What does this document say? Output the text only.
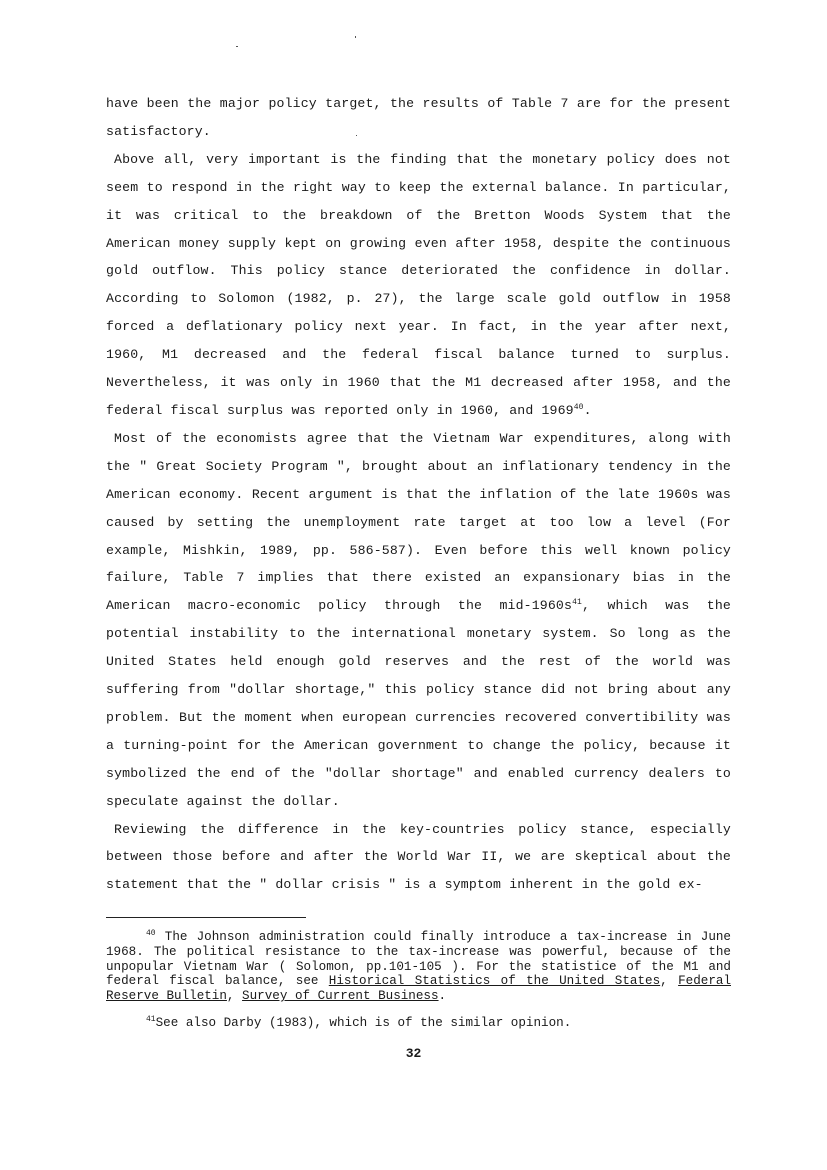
have been the major policy target, the results of Table 7 are for the present satisfactory.

Above all, very important is the finding that the monetary policy does not seem to respond in the right way to keep the external balance. In particular, it was critical to the breakdown of the Bretton Woods System that the American money supply kept on growing even after 1958, despite the continuous gold outflow. This policy stance deteriorated the confidence in dollar. According to Solomon (1982, p. 27), the large scale gold outflow in 1958 forced a deflationary policy next year. In fact, in the year after next, 1960, M1 decreased and the federal fiscal balance turned to surplus. Nevertheless, it was only in 1960 that the M1 decreased after 1958, and the federal fiscal surplus was reported only in 1960, and 1969$^{40}$.

Most of the economists agree that the Vietnam War expenditures, along with the " Great Society Program ", brought about an inflationary tendency in the American economy. Recent argument is that the inflation of the late 1960s was caused by setting the unemployment rate target at too low a level (For example, Mishkin, 1989, pp. 586-587). Even before this well known policy failure, Table 7 implies that there existed an expansionary bias in the American macro-economic policy through the mid-$1960s^{41}$, which was the potential instability to the international monetary system. So long as the United States held enough gold reserves and the rest of the world was suffering from "dollar shortage," this policy stance did not bring about any problem. But the moment when european currencies recovered convertibility was a turning-point for the American government to change the policy, because it symbolized the end of the "dollar shortage" and enabled currency dealers to speculate against the dollar.

Reviewing the difference in the key-countries policy stance, especially between those before and after the World War II, we are skeptical about the statement that the " dollar crisis " is a symptom inherent in the gold ex-

$^{40}$ The Johnson administration could finally introduce a tax-increase in June 1968. The political resistance to the tax-increase was powerful, because of the unpopular Vietnam War ( Solomon, pp.101-105 ). For the statistice of the M1 and federal fiscal balance, see Historical Statistics of the United States, Federal Reserve Bulletin, Survey of Current Business.

$^{41}$See also Darby (1983), which is of the similar opinion.

32
